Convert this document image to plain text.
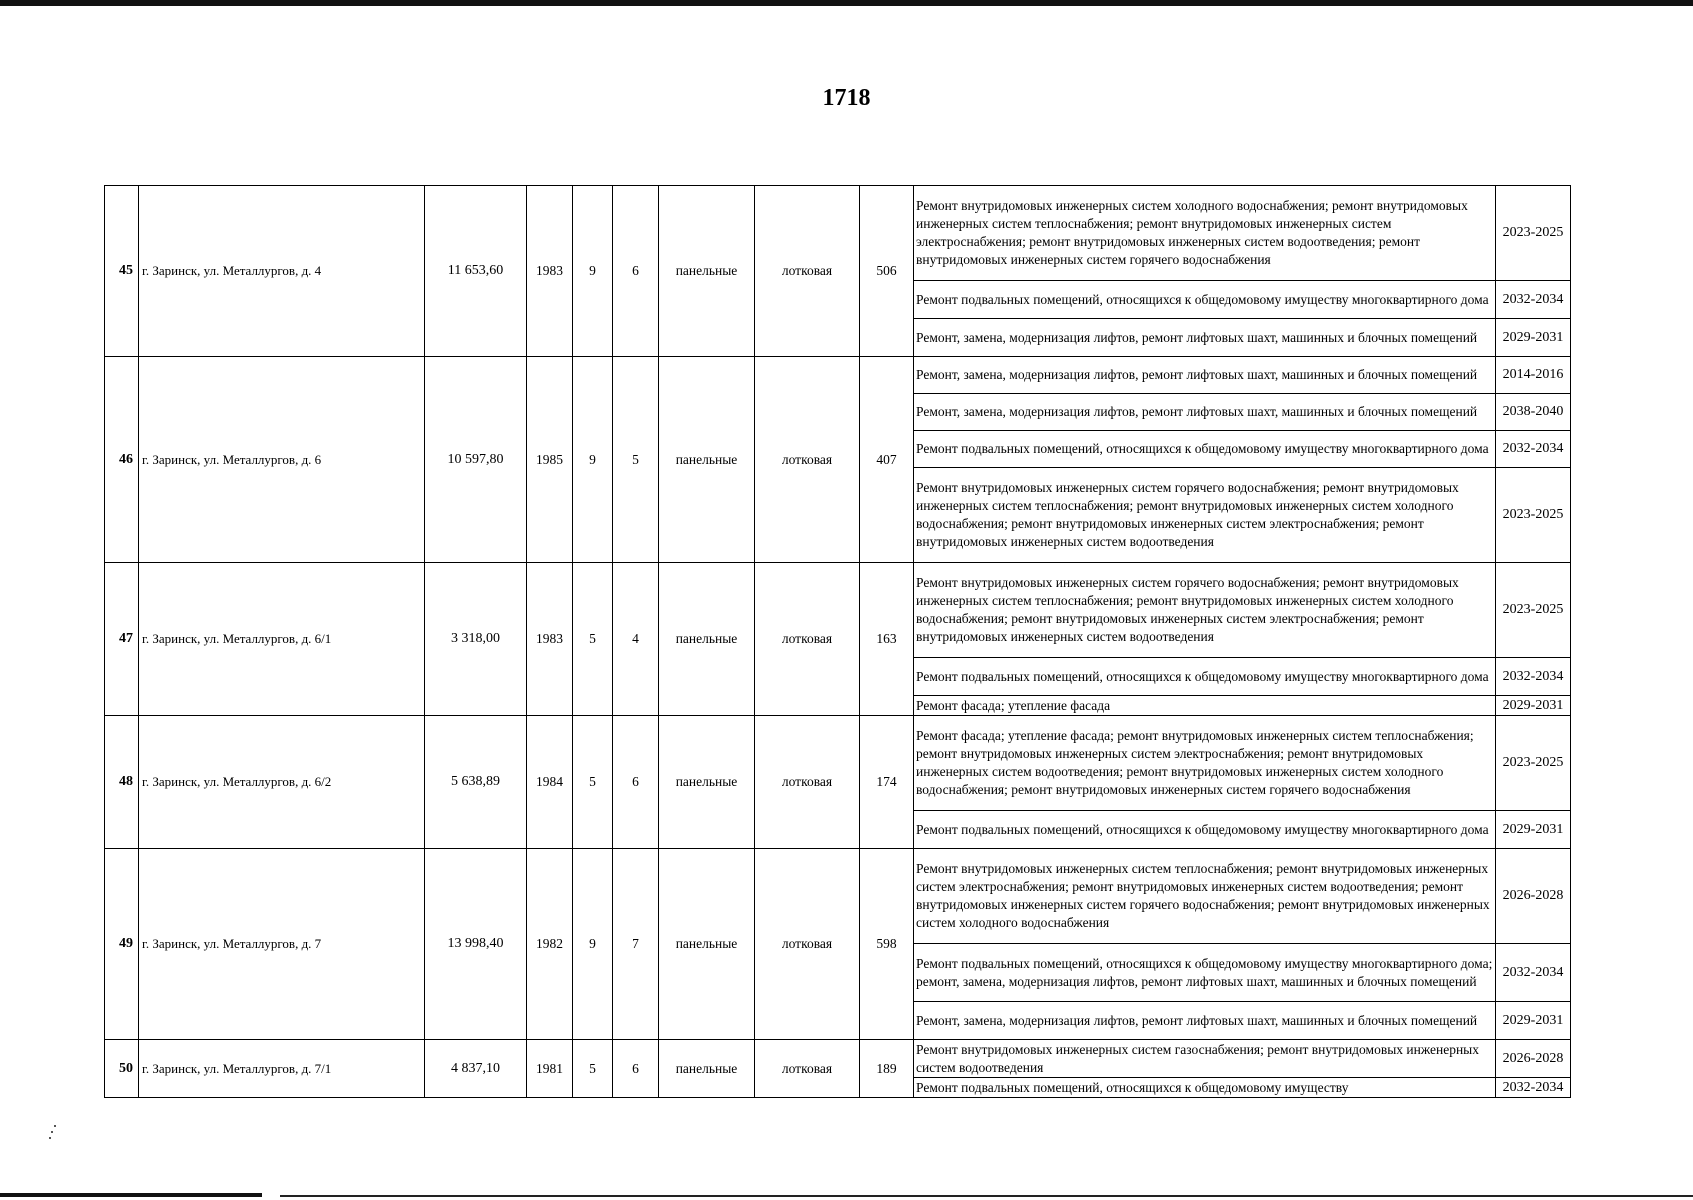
1718
45	г. Заринск, ул. Металлургов, д. 4	11 653,60	1983	9	6	панельные	лотковая	506	Ремонт внутридомовых инженерных систем холодного водоснабжения; ремонт внутридомовых инженерных систем теплоснабжения; ремонт внутридомовых инженерных систем электроснабжения; ремонт внутридомовых инженерных систем водоотведения; ремонт внутридомовых инженерных систем горячего водоснабжения	2023-2025
									Ремонт подвальных помещений, относящихся к общедомовому имуществу многоквартирного дома	2032-2034
									Ремонт, замена, модернизация лифтов, ремонт лифтовых шахт, машинных и блочных помещений	2029-2031
46	г. Заринск, ул. Металлургов, д. 6	10 597,80	1985	9	5	панельные	лотковая	407	Ремонт, замена, модернизация лифтов, ремонт лифтовых шахт, машинных и блочных помещений	2014-2016
									Ремонт, замена, модернизация лифтов, ремонт лифтовых шахт, машинных и блочных помещений	2038-2040
									Ремонт подвальных помещений, относящихся к общедомовому имуществу многоквартирного дома	2032-2034
									Ремонт внутридомовых инженерных систем горячего водоснабжения; ремонт внутридомовых инженерных систем теплоснабжения; ремонт внутридомовых инженерных систем холодного водоснабжения; ремонт внутридомовых инженерных систем электроснабжения; ремонт внутридомовых инженерных систем водоотведения	2023-2025
47	г. Заринск, ул. Металлургов, д. 6/1	3 318,00	1983	5	4	панельные	лотковая	163	Ремонт внутридомовых инженерных систем горячего водоснабжения; ремонт внутридомовых инженерных систем теплоснабжения; ремонт внутридомовых инженерных систем холодного водоснабжения; ремонт внутридомовых инженерных систем электроснабжения; ремонт внутридомовых инженерных систем водоотведения	2023-2025
									Ремонт подвальных помещений, относящихся к общедомовому имуществу многоквартирного дома	2032-2034
									Ремонт фасада; утепление фасада	2029-2031
48	г. Заринск, ул. Металлургов, д. 6/2	5 638,89	1984	5	6	панельные	лотковая	174	Ремонт фасада; утепление фасада; ремонт внутридомовых инженерных систем теплоснабжения; ремонт внутридомовых инженерных систем электроснабжения; ремонт внутридомовых инженерных систем водоотведения; ремонт внутридомовых инженерных систем холодного водоснабжения; ремонт внутридомовых инженерных систем горячего водоснабжения	2023-2025
									Ремонт подвальных помещений, относящихся к общедомовому имуществу многоквартирного дома	2029-2031
49	г. Заринск, ул. Металлургов, д. 7	13 998,40	1982	9	7	панельные	лотковая	598	Ремонт внутридомовых инженерных систем теплоснабжения; ремонт внутридомовых инженерных систем электроснабжения; ремонт внутридомовых инженерных систем водоотведения; ремонт внутридомовых инженерных систем горячего водоснабжения; ремонт внутридомовых инженерных систем холодного водоснабжения	2026-2028
									Ремонт подвальных помещений, относящихся к общедомовому имуществу многоквартирного дома; ремонт, замена, модернизация лифтов, ремонт лифтовых шахт, машинных и блочных помещений	2032-2034
									Ремонт, замена, модернизация лифтов, ремонт лифтовых шахт, машинных и блочных помещений	2029-2031
50	г. Заринск, ул. Металлургов, д. 7/1	4 837,10	1981	5	6	панельные	лотковая	189	Ремонт внутридомовых инженерных систем газоснабжения; ремонт внутридомовых инженерных систем водоотведения	2026-2028
									Ремонт подвальных помещений, относящихся к общедомовому имуществу	2032-2034
